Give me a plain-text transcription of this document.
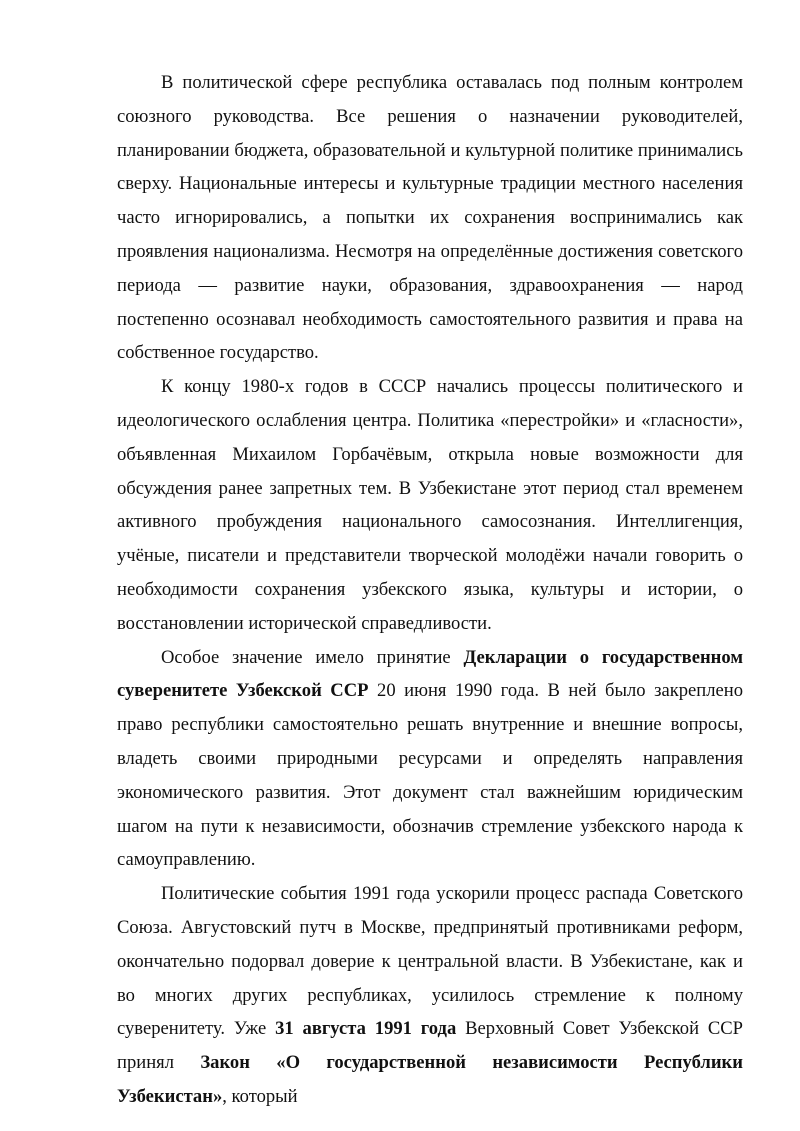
В политической сфере республика оставалась под полным контролем союзного руководства. Все решения о назначении руководителей, планировании бюджета, образовательной и культурной политике принимались сверху. Национальные интересы и культурные традиции местного населения часто игнорировались, а попытки их сохранения воспринимались как проявления национализма. Несмотря на определённые достижения советского периода — развитие науки, образования, здравоохранения — народ постепенно осознавал необходимость самостоятельного развития и права на собственное государство.

К концу 1980-х годов в СССР начались процессы политического и идеологического ослабления центра. Политика «перестройки» и «гласности», объявленная Михаилом Горбачёвым, открыла новые возможности для обсуждения ранее запретных тем. В Узбекистане этот период стал временем активного пробуждения национального самосознания. Интеллигенция, учёные, писатели и представители творческой молодёжи начали говорить о необходимости сохранения узбекского языка, культуры и истории, о восстановлении исторической справедливости.

Особое значение имело принятие Декларации о государственном суверенитете Узбекской ССР 20 июня 1990 года. В ней было закреплено право республики самостоятельно решать внутренние и внешние вопросы, владеть своими природными ресурсами и определять направления экономического развития. Этот документ стал важнейшим юридическим шагом на пути к независимости, обозначив стремление узбекского народа к самоуправлению.

Политические события 1991 года ускорили процесс распада Советского Союза. Августовский путч в Москве, предпринятый противниками реформ, окончательно подорвал доверие к центральной власти. В Узбекистане, как и во многих других республиках, усилилось стремление к полному суверенитету. Уже 31 августа 1991 года Верховный Совет Узбекской ССР принял Закон «О государственной независимости Республики Узбекистан», который
